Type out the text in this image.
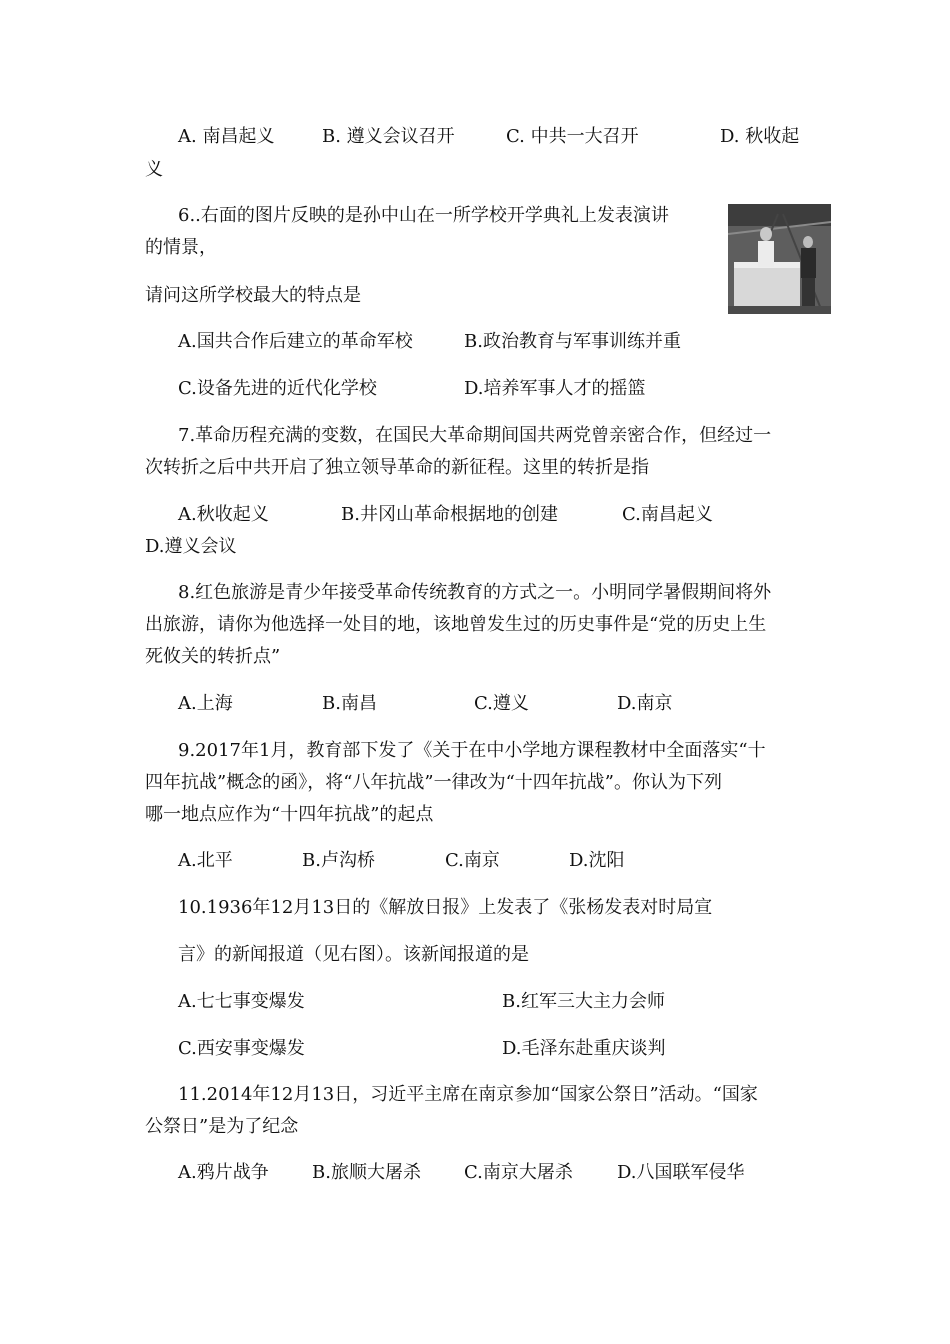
A. 南昌起义	B. 遵义会议召开	C. 中共一大召开	D. 秋收起
义
6..右面的图片反映的是孙中山在一所学校开学典礼上发表演讲
的情景，
请问这所学校最大的特点是
A.国共合作后建立的革命军校	B.政治教育与军事训练并重
C.设备先进的近代化学校	D.培养军事人才的摇篮
7.革命历程充满的变数，在国民大革命期间国共两党曾亲密合作，但经过一
次转折之后中共开启了独立领导革命的新征程。这里的转折是指
A.秋收起义	B.井冈山革命根据地的创建	C.南昌起义
D.遵义会议
8.红色旅游是青少年接受革命传统教育的方式之一。小明同学暑假期间将外
出旅游，请你为他选择一处目的地，该地曾发生过的历史事件是“党的历史上生
死攸关的转折点”
A.上海	B.南昌	C.遵义	D.南京
9.2017年1月，教育部下发了《关于在中小学地方课程教材中全面落实“十
四年抗战”概念的函》，将“八年抗战”一律改为“十四年抗战”。你认为下列
哪一地点应作为“十四年抗战”的起点
A.北平	B.卢沟桥	C.南京	D.沈阳
10.1936年12月13日的《解放日报》上发表了《张杨发表对时局宣
言》的新闻报道（见右图）。该新闻报道的是
A.七七事变爆发	B.红军三大主力会师
C.西安事变爆发	D.毛泽东赴重庆谈判
11.2014年12月13日，习近平主席在南京参加“国家公祭日”活动。“国家
公祭日”是为了纪念
A.鸦片战争 B.旅顺大屠杀 C.南京大屠杀 D.八国联军侵华
